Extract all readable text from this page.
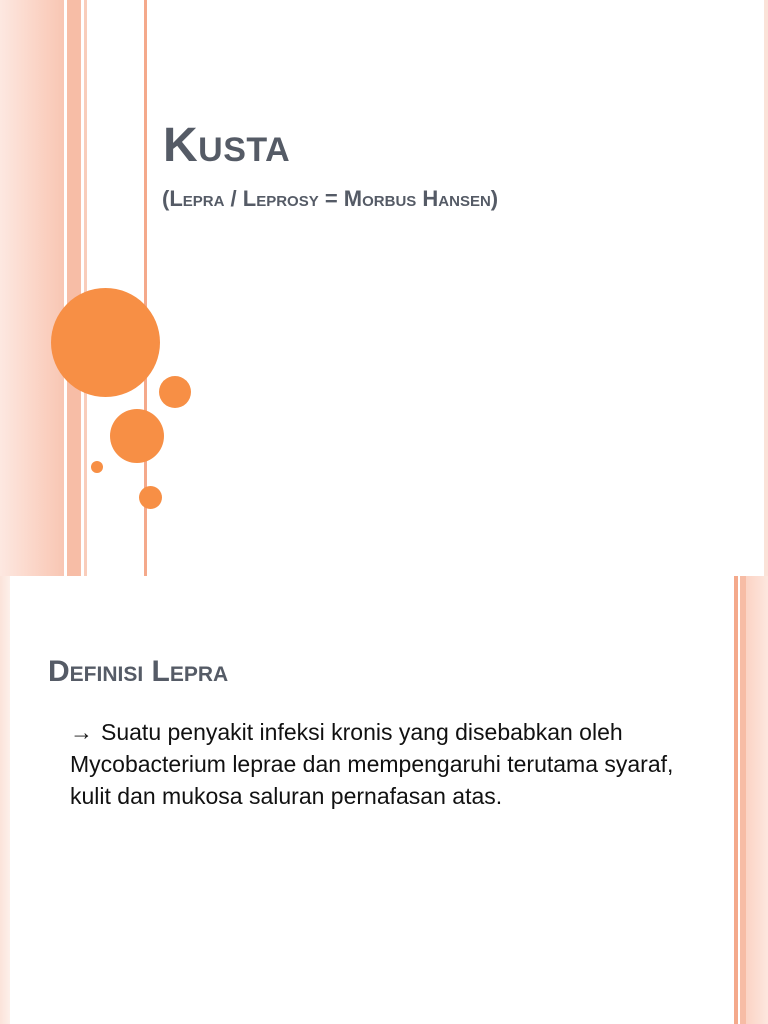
Kusta

(Lepra / Leprosy = Morbus Hansen)

Definisi Lepra

→ Suatu penyakit infeksi kronis yang disebabkan oleh Mycobacterium leprae dan mempengaruhi terutama syaraf, kulit dan mukosa saluran pernafasan atas.
